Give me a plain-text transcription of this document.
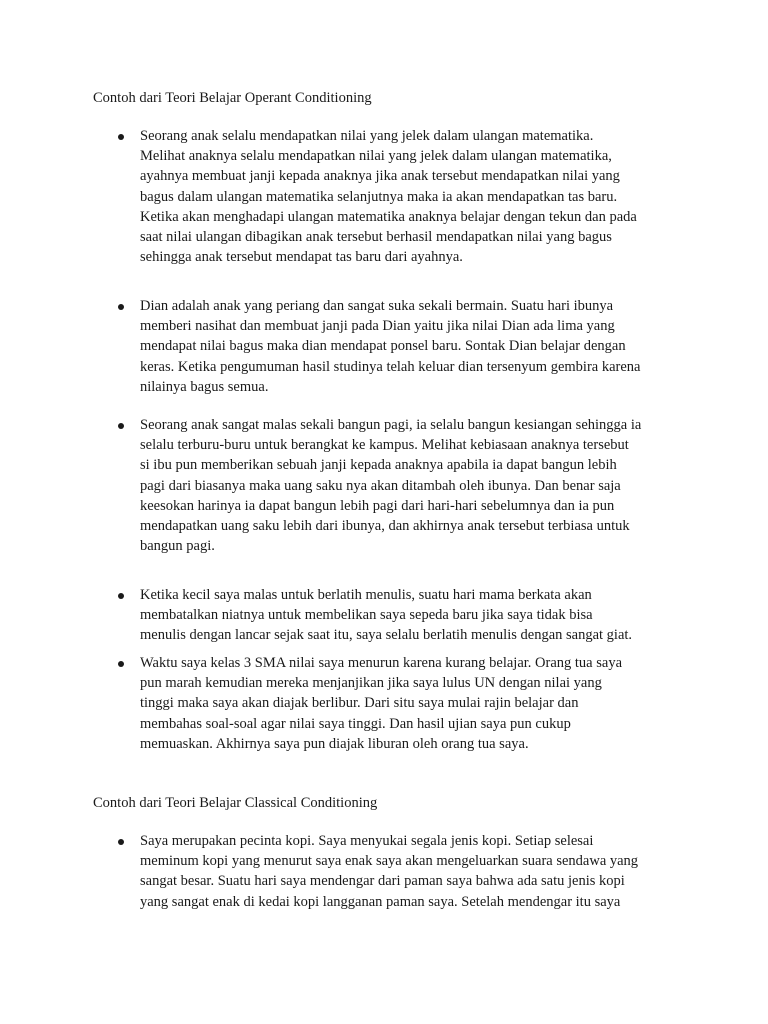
Contoh dari Teori Belajar Operant Conditioning
Seorang anak selalu mendapatkan nilai yang jelek dalam ulangan matematika.
Melihat anaknya selalu mendapatkan nilai yang jelek dalam ulangan matematika,
ayahnya membuat janji kepada anaknya jika anak tersebut mendapatkan nilai yang
bagus dalam ulangan matematika selanjutnya maka ia akan mendapatkan tas baru.
Ketika akan menghadapi ulangan matematika anaknya belajar dengan tekun dan pada
saat nilai ulangan dibagikan anak tersebut berhasil mendapatkan nilai yang bagus
sehingga anak tersebut mendapat tas baru dari ayahnya.
Dian adalah anak yang periang dan sangat suka sekali bermain. Suatu hari ibunya
memberi nasihat dan membuat janji pada Dian yaitu jika nilai Dian ada lima yang
mendapat nilai bagus maka dian mendapat ponsel baru. Sontak Dian belajar dengan
keras. Ketika pengumuman hasil studinya telah keluar dian tersenyum gembira karena
nilainya bagus semua.
Seorang anak sangat malas sekali bangun pagi, ia selalu bangun kesiangan sehingga ia
selalu terburu-buru untuk berangkat ke kampus. Melihat kebiasaan anaknya tersebut
si ibu pun memberikan sebuah janji kepada anaknya apabila ia dapat bangun lebih
pagi dari biasanya maka uang saku nya akan ditambah oleh ibunya. Dan benar saja
keesokan harinya ia dapat bangun lebih pagi dari hari-hari sebelumnya dan ia pun
mendapatkan uang saku lebih dari ibunya, dan akhirnya anak tersebut terbiasa untuk
bangun pagi.
Ketika kecil saya malas untuk berlatih menulis, suatu hari mama berkata akan
membatalkan niatnya untuk membelikan saya sepeda baru jika saya tidak bisa
menulis dengan lancar sejak saat itu, saya selalu berlatih menulis dengan sangat giat.
Waktu saya kelas 3 SMA nilai saya menurun karena kurang belajar. Orang tua saya
pun marah kemudian mereka menjanjikan jika saya lulus UN dengan nilai yang
tinggi maka saya akan diajak berlibur. Dari situ saya mulai rajin belajar dan
membahas soal-soal agar nilai saya tinggi. Dan hasil ujian saya pun cukup
memuaskan. Akhirnya saya pun diajak liburan oleh orang tua saya.
Contoh dari Teori Belajar Classical Conditioning
Saya merupakan pecinta kopi. Saya menyukai segala jenis kopi. Setiap selesai
meminum kopi yang menurut saya enak saya akan mengeluarkan suara sendawa yang
sangat besar. Suatu hari saya mendengar dari paman saya bahwa ada satu jenis kopi
yang sangat enak di kedai kopi langganan paman saya. Setelah mendengar itu saya
